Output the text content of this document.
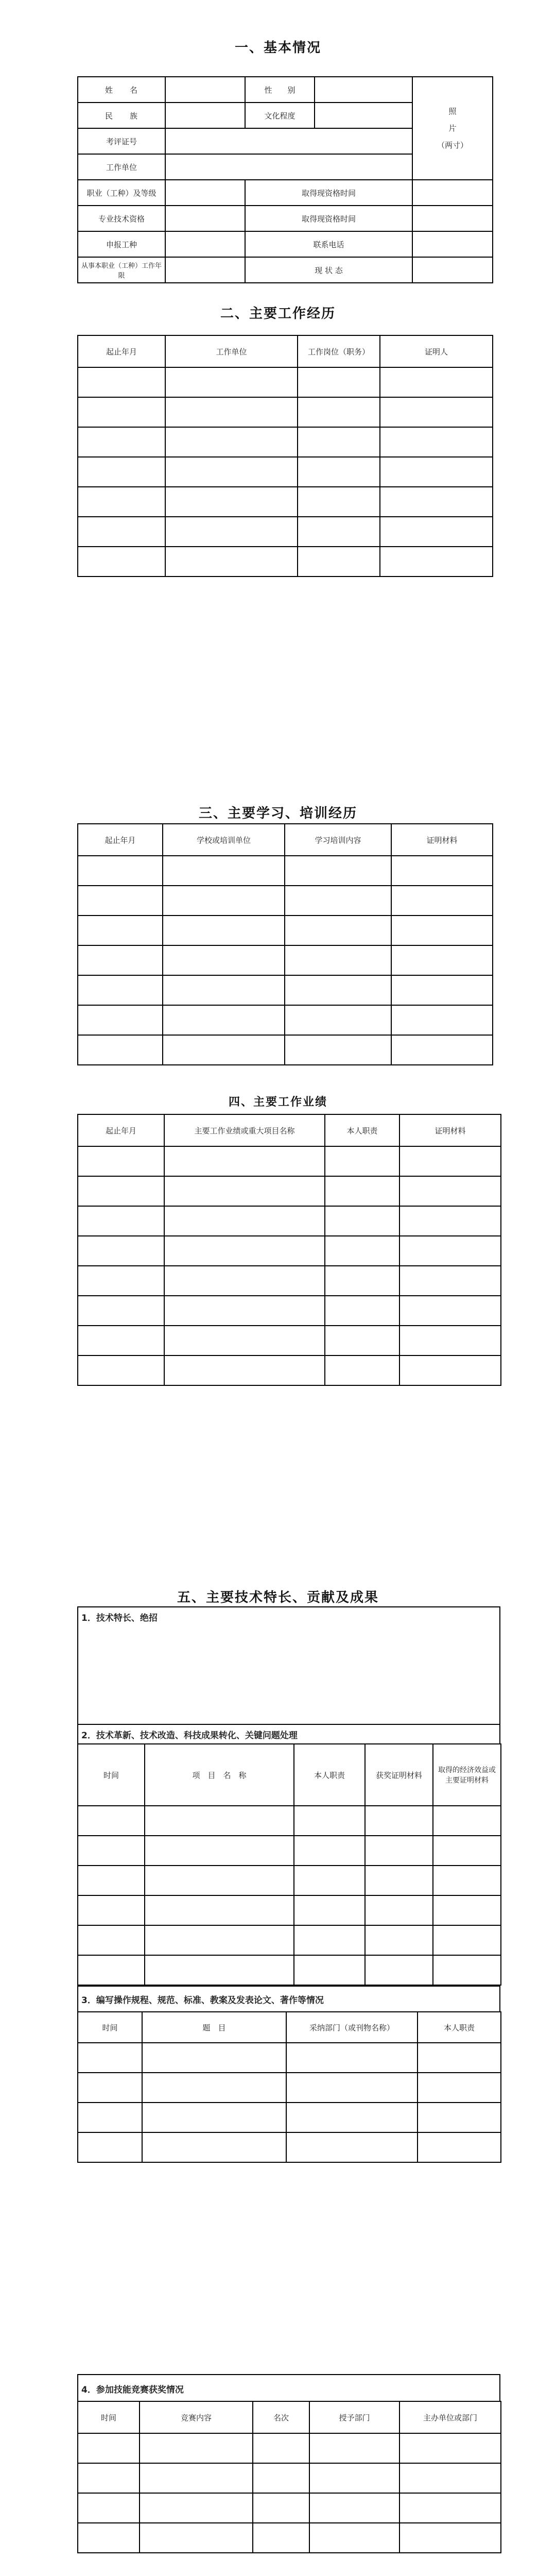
一、基本情况
姓　　名		性　　别		照
片
（两寸）

民　　族		文化程度		
考评证号				
工作单位				
职业（工种）及等级		取得现资格时间		
专业技术资格		取得现资格时间		
申报工种		联系电话		
从事本职业（工种）工作年限		现 状 态		
二、主要工作经历
起止年月	工作单位	工作岗位（职务）	证明人

三、主要学习、培训经历
起止年月	学校或培训单位	学习培训内容	证明材料

四、主要工作业绩
起止年月	主要工作业绩或重大项目名称	本人职责	证明材料

五、主要技术特长、贡献及成果
1．技术特长、绝招
2．技术革新、技术改造、科技成果转化、关键问题处理
时间	项　目　名　称	本人职责	获奖证明材料	取得的经济效益或主要证明材料

3．编写操作规程、规范、标准、教案及发表论文、著作等情况
时间	题　目	采纳部门（或刊物名称）	本人职责

4．参加技能竞赛获奖情况
时间	竞赛内容	名次	授予部门	主办单位或部门
